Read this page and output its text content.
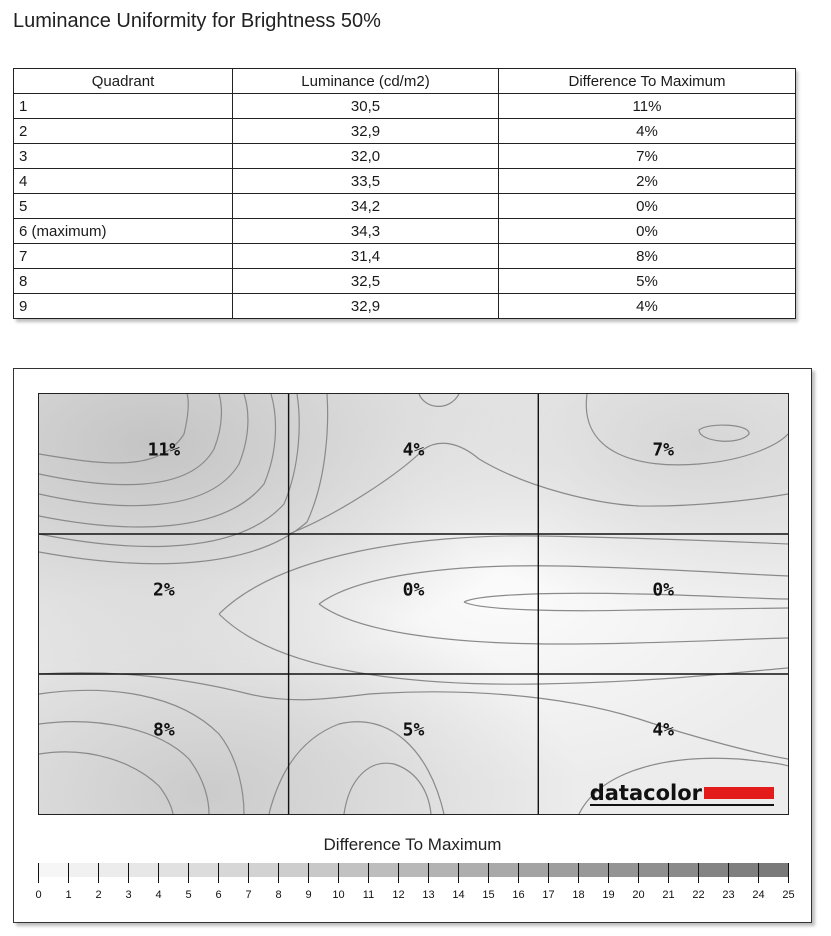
Luminance Uniformity for Brightness 50%
Quadrant	Luminance (cd/m2)	Difference To Maximum
1	30,5	11%
2	32,9	4%
3	32,0	7%
4	33,5	2%
5	34,2	0%
6 (maximum)	34,3	0%
7	31,4	8%
8	32,5	5%
9	32,9	4%
11%	4%	7%
2%	0%	0%
8%	5%	4%
datacolor
Difference To Maximum
0 1 2 3 4 5 6 7 8 9 10 11 12 13 14 15 16 17 18 19 20 21 22 23 24 25
